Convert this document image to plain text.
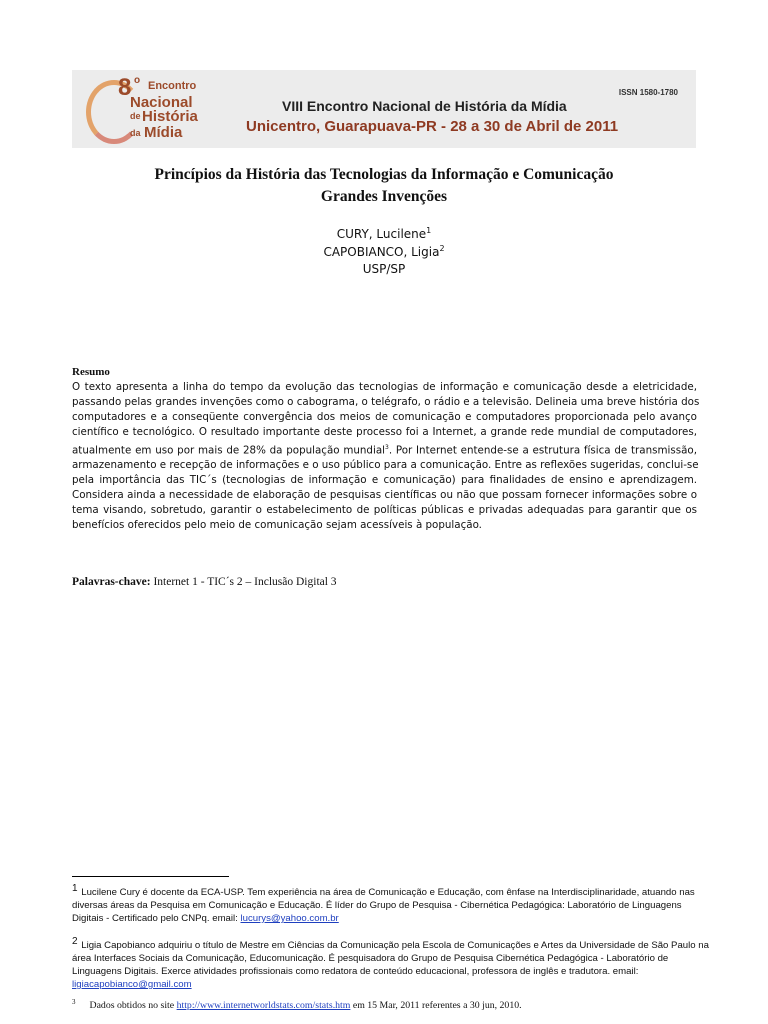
8 o Encontro
Nacional
de História
da Mídia
ISSN 1580-1780
VIII Encontro Nacional de História da Mídia
Unicentro, Guarapuava-PR - 28 a 30 de Abril de 2011
Princípios da História das Tecnologias da Informação e Comunicação
Grandes Invenções
CURY, Lucilene$^1$
CAPOBIANCO, Ligia$^2$
USP/SP
Resumo
O texto apresenta a linha do tempo da evolução das tecnologias de informação e comunicação desde a eletricidade,
passando pelas grandes invenções como o cabograma, o telégrafo, o rádio e a televisão. Delineia uma breve história dos
computadores e a conseqüente convergência dos meios de comunicação e computadores proporcionada pelo avanço
científico e tecnológico. O resultado importante deste processo foi a Internet, a grande rede mundial de computadores,
atualmente em uso por mais de 28% da população mundial$^3$. Por Internet entende-se a estrutura física de transmissão,
armazenamento e recepção de informações e o uso público para a comunicação. Entre as reflexões sugeridas, conclui-se
pela importância das TIC´s (tecnologias de informação e comunicação) para finalidades de ensino e aprendizagem.
Considera ainda a necessidade de elaboração de pesquisas científicas ou não que possam fornecer informações sobre o
tema visando, sobretudo, garantir o estabelecimento de políticas públicas e privadas adequadas para garantir que os
benefícios oferecidos pelo meio de comunicação sejam acessíveis à população.
Palavras-chave: Internet 1 - TIC´s 2 – Inclusão Digital 3
1 Lucilene Cury é docente da ECA-USP. Tem experiência na área de Comunicação e Educação, com ênfase na Interdisciplinaridade, atuando nas diversas áreas da Pesquisa em Comunicação e Educação. É líder do Grupo de Pesquisa - Cibernética Pedagógica: Laboratório de Linguagens Digitais - Certificado pelo CNPq. email: lucurys@yahoo.com.br
2 Ligia Capobianco adquiriu o título de Mestre em Ciências da Comunicação pela Escola de Comunicações e Artes da Universidade de São Paulo na área Interfaces Sociais da Comunicação, Educomunicação. É pesquisadora do Grupo de Pesquisa Cibernética Pedagógica - Laboratório de Linguagens Digitais. Exerce atividades profissionais como redatora de conteúdo educacional, professora de inglês e tradutora. email: ligiacapobianco@gmail.com
$^3$ Dados obtidos no site http://www.internetworldstats.com/stats.htm em 15 Mar, 2011 referentes a 30 jun, 2010.
